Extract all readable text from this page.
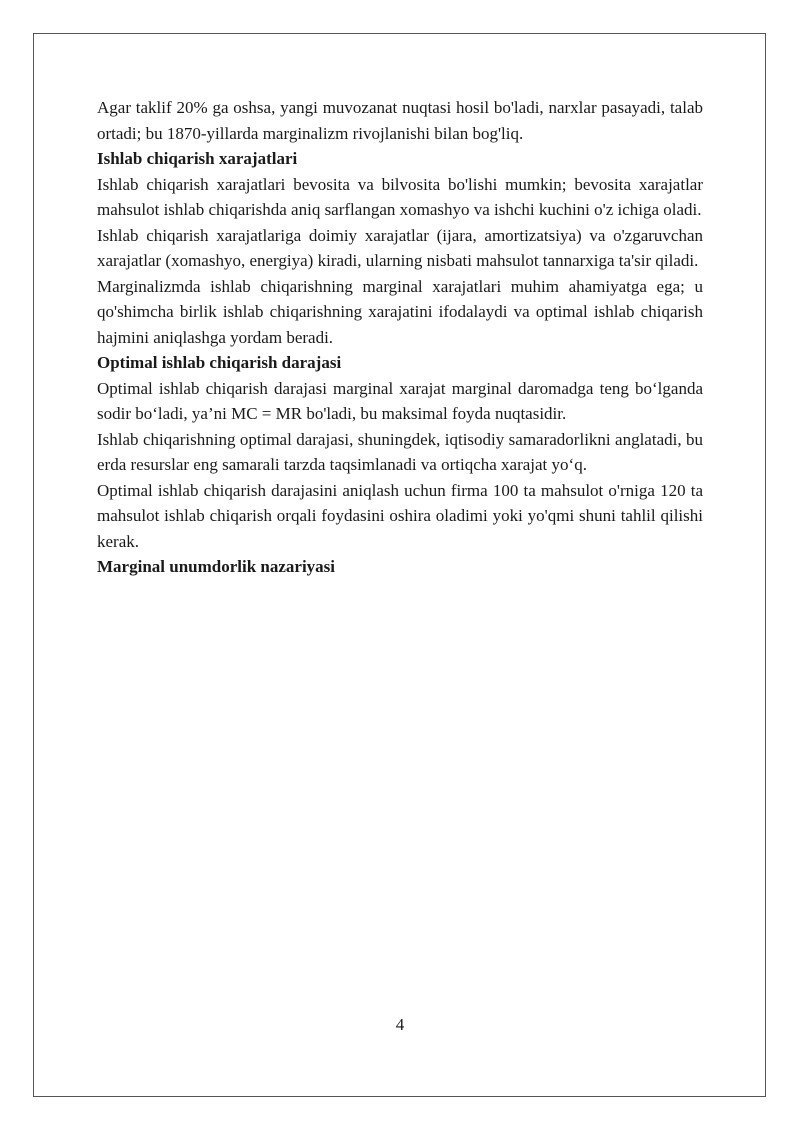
Agar taklif 20% ga oshsa, yangi muvozanat nuqtasi hosil bo'ladi, narxlar pasayadi, talab ortadi; bu 1870-yillarda marginalizm rivojlanishi bilan bog'liq.

Ishlab chiqarish xarajatlari

Ishlab chiqarish xarajatlari bevosita va bilvosita bo'lishi mumkin; bevosita xarajatlar mahsulot ishlab chiqarishda aniq sarflangan xomashyo va ishchi kuchini o'z ichiga oladi.

Ishlab chiqarish xarajatlariga doimiy xarajatlar (ijara, amortizatsiya) va o'zgaruvchan xarajatlar (xomashyo, energiya) kiradi, ularning nisbati mahsulot tannarxiga ta'sir qiladi.

Marginalizmda ishlab chiqarishning marginal xarajatlari muhim ahamiyatga ega; u qo'shimcha birlik ishlab chiqarishning xarajatini ifodalaydi va optimal ishlab chiqarish hajmini aniqlashga yordam beradi.

Optimal ishlab chiqarish darajasi

Optimal ishlab chiqarish darajasi marginal xarajat marginal daromadga teng bo‘lganda sodir bo‘ladi, ya’ni MC = MR bo'ladi, bu maksimal foyda nuqtasidir.

Ishlab chiqarishning optimal darajasi, shuningdek, iqtisodiy samaradorlikni anglatadi, bu erda resurslar eng samarali tarzda taqsimlanadi va ortiqcha xarajat yo‘q.

Optimal ishlab chiqarish darajasini aniqlash uchun firma 100 ta mahsulot o'rniga 120 ta mahsulot ishlab chiqarish orqali foydasini oshira oladimi yoki yo'qmi shuni tahlil qilishi kerak.

Marginal unumdorlik nazariyasi
4
